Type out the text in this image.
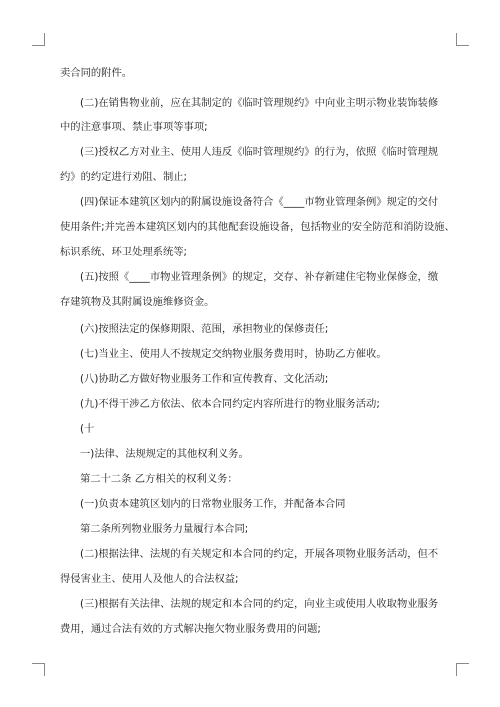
卖合同的附件。
(二)在销售物业前，应在其制定的《临时管理规约》中向业主明示物业装饰装修
中的注意事项、禁止事项等事项;
(三)授权乙方对业主、使用人违反《临时管理规约》的行为，依照《临时管理规
约》的约定进行劝阻、制止;
(四)保证本建筑区划内的附属设施设备符合《____市物业管理条例》规定的交付
使用条件;并完善本建筑区划内的其他配套设施设备，包括物业的安全防范和消防设施、
标识系统、环卫处理系统等;
(五)按照《____市物业管理条例》的规定，交存、补存新建住宅物业保修金，缴
存建筑物及其附属设施维修资金。
(六)按照法定的保修期限、范围，承担物业的保修责任;
(七)当业主、使用人不按规定交纳物业服务费用时，协助乙方催收。
(八)协助乙方做好物业服务工作和宣传教育、文化活动;
(九)不得干涉乙方依法、依本合同约定内容所进行的物业服务活动;
(十
一)法律、法规规定的其他权利义务。
第二十二条 乙方相关的权利义务：
(一)负责本建筑区划内的日常物业服务工作，并配备本合同
第二条所列物业服务力量履行本合同;
(二)根据法律、法规的有关规定和本合同的约定，开展各项物业服务活动，但不
得侵害业主、使用人及他人的合法权益;
(三)根据有关法律、法规的规定和本合同的约定，向业主或使用人收取物业服务
费用，通过合法有效的方式解决拖欠物业服务费用的问题;
